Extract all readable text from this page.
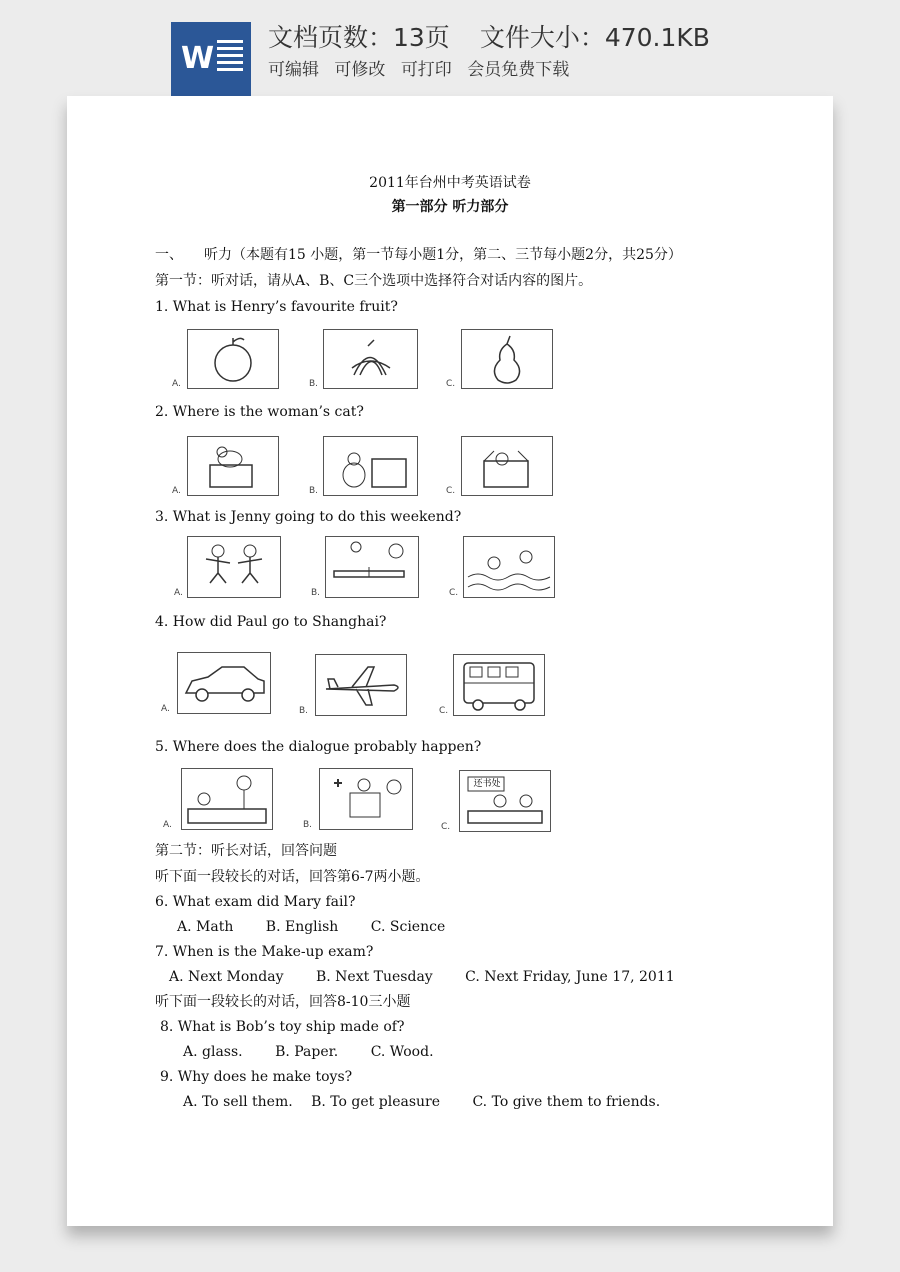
W
文档页数：13页 文件大小：470.1KB
可编辑 可修改 可打印 会员免费下载
2011年台州中考英语试卷
第一部分 听力部分
一、　　听力（本题有15 小题，第一节每小题1分，第二、三节每小题2分，共25分）
第一节：听对话，请从A、B、C三个选项中选择符合对话内容的图片。
1. What is Henry’s favourite fruit?
A.	B.	C.
2. Where is the woman’s cat?
A.	B.	C.
3. What is Jenny going to do this weekend?
A.	B.	C.
4. How did Paul go to Shanghai?
A.	B.	C.
5. Where does the dialogue probably happen?
A.	B.	C.
还书处
第二节：听长对话，回答问题
听下面一段较长的对话，回答第6-7两小题。
6. What exam did Mary fail?
A. Math　　 B. English　　 C. Science
7. When is the Make-up exam?
A. Next Monday　　 B. Next Tuesday　　 C. Next Friday, June 17, 2011
听下面一段较长的对话，回答8-10三小题
8. What is Bob’s toy ship made of?
A. glass.　　 B. Paper.　　 C. Wood.
9. Why does he make toys?
A. To sell them.　 B. To get pleasure　　 C. To give them to friends.
